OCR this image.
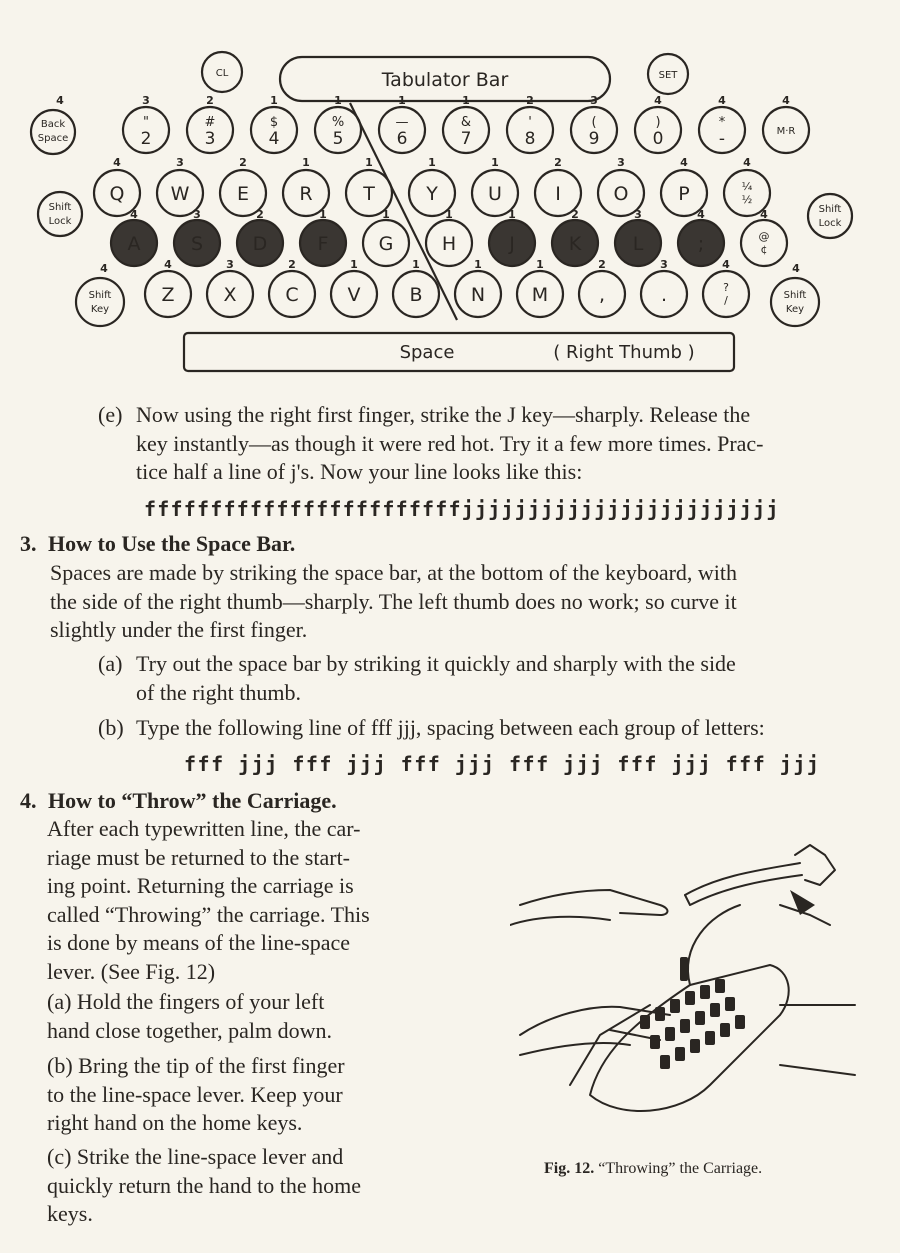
CL	Tabulator Bar	SET
4
Back
Space
Shift
Lock
Shift
Lock
4
Shift
Key
4
Shift
Key
Space	( Right Thumb )
3
"
2
2
#
3
1
$
4
1
%
5
1
—
6
1
&
7
2
'
8
3
(
9
4
)
0
4
*
-
4
M·R
4
Q
3
W
2
E
1
R
1
T
1
Y
1
U
2
I
3
O
4
P
4
¼
½
4
A
3
S
2
D
1
F
1
G
1
H
1
J
2
K
3
L
4
;
4
@
¢
4
Z
3
X
2
C
1
V
1
B
1
N
1
M
2
,
3
.
4
?
/
(e) Now using the right first finger, strike the J key—sharply. Release the
key instantly—as though it were red hot. Try it a few more times. Prac-
tice half a line of j's. Now your line looks like this:
ffffffffffffffffffffffffjjjjjjjjjjjjjjjjjjjjjjjj
3. How to Use the Space Bar.
Spaces are made by striking the space bar, at the bottom of the keyboard, with
the side of the right thumb—sharply. The left thumb does no work; so curve it
slightly under the first finger.
(a) Try out the space bar by striking it quickly and sharply with the side
of the right thumb.
(b) Type the following line of fff jjj, spacing between each group of letters:
fff jjj fff jjj fff jjj fff jjj fff jjj fff jjj
4. How to “Throw” the Carriage.
After each typewritten line, the car-
riage must be returned to the start-
ing point. Returning the carriage is
called “Throwing” the carriage. This
is done by means of the line-space
lever. (See Fig. 12)
(a) Hold the fingers of your left
hand close together, palm down.
(b) Bring the tip of the first finger
to the line-space lever. Keep your
right hand on the home keys.
(c) Strike the line-space lever and
quickly return the hand to the home
keys.
Fig. 12. “Throwing” the Carriage.
